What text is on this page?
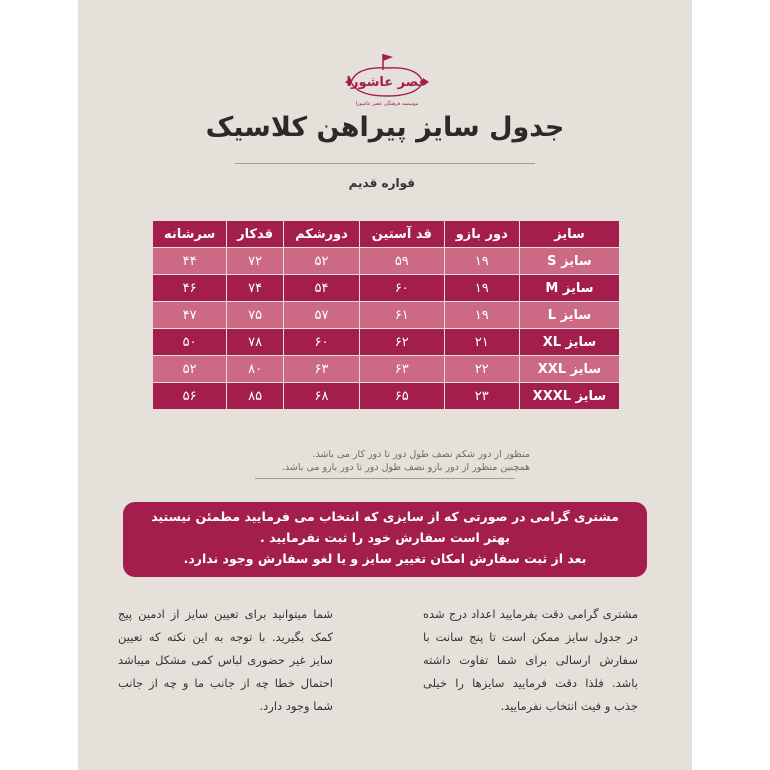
عصر عاشورا
موسسه فرهنگی عصر عاشورا
جدول سایز پیراهن کلاسیک
قواره قدیم
سایز	دور بازو	قد آستین	دورشکم	قدکار	سرشانه
سایز S	۱۹	۵۹	۵۲	۷۲	۴۴
سایز M	۱۹	۶۰	۵۴	۷۴	۴۶
سایز L	۱۹	۶۱	۵۷	۷۵	۴۷
سایز XL	۲۱	۶۲	۶۰	۷۸	۵۰
سایز XXL	۲۲	۶۳	۶۳	۸۰	۵۲
سایز XXXL	۲۳	۶۵	۶۸	۸۵	۵۶
منظور از دور شکم نصف طول دور تا دور کار می باشد.
همچنین منظور از دور بازو نصف طول دور تا دور بازو می باشد.
مشتری گرامی در صورتی که از سایزی که انتخاب می فرمایید مطمئن نیستید
بهتر است سفارش خود را ثبت نفرمایید .
بعد از ثبت سفارش امکان تغییر سایز و یا لغو سفارش وجود ندارد.
مشتری گرامی دقت بفرمایید اعداد درج شده در جدول سایز ممکن است تا پنج سانت با سفارش ارسالی برای شما تفاوت داشته باشد. فلذا دقت فرمایید سایزها را خیلی جذب و فیت انتخاب نفرمایید.
شما میتوانید برای تعیین سایز از ادمین پیج کمک بگیرید. با توجه به این نکته که تعیین سایز غیر حضوری لباس کمی مشکل میباشد احتمال خطا چه از جانب ما و چه از جانب شما وجود دارد.
